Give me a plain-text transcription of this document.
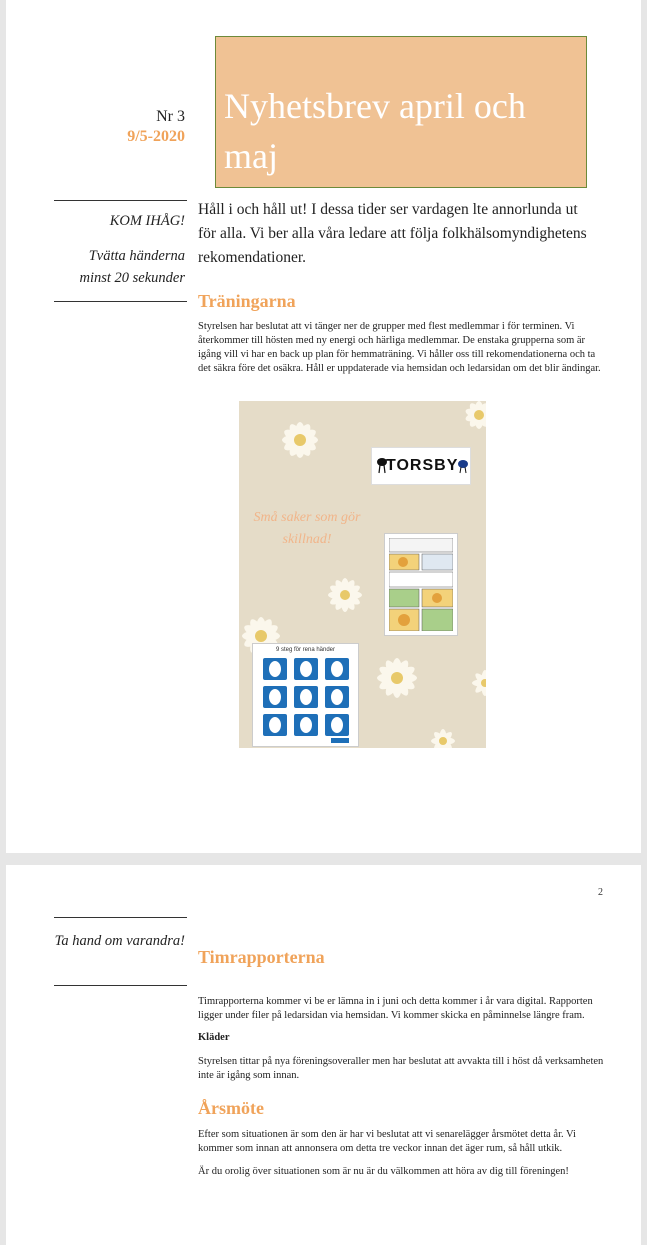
Nr 3
9/5-2020
Nyhetsbrev april och maj
KOM IHÅG!
Tvätta händerna minst 20 sekunder
Håll i och håll ut! I dessa tider ser vardagen lte annorlunda ut för alla. Vi ber alla våra ledare att följa folkhälsomyndighetens rekomendationer.
Träningarna

Styrelsen har beslutat att vi tänger ner de grupper med flest medlemmar i för terminen. Vi återkommer till hösten med ny energi och härliga medlemmar. De enstaka grupperna som är igång vill vi har en back up plan för hemmaträning. Vi håller oss till rekomendationerna och ta det säkra före det osäkra. Håll er uppdaterade via hemsidan och ledarsidan om det blir ändingar.

Små saker som gör skillnad!
TORSBY
9 steg för rena händer
2
Ta hand om varandra!
Timrapporterna

Timrapporterna kommer vi be er lämna in i juni och detta kommer i år vara digital. Rapporten ligger under filer på ledarsidan via hemsidan. Vi kommer skicka en påminnelse längre fram.

Kläder

Styrelsen tittar på nya föreningsoveraller men har beslutat att avvakta till i höst då verksamheten inte är igång som innan.

Årsmöte

Efter som situationen är som den är har vi beslutat att vi senarelägger årsmötet detta år. Vi kommer som innan att annonsera om detta tre veckor innan det äger rum, så håll utkik.

Är du orolig över situationen som är nu är du välkommen att höra av dig till föreningen!
